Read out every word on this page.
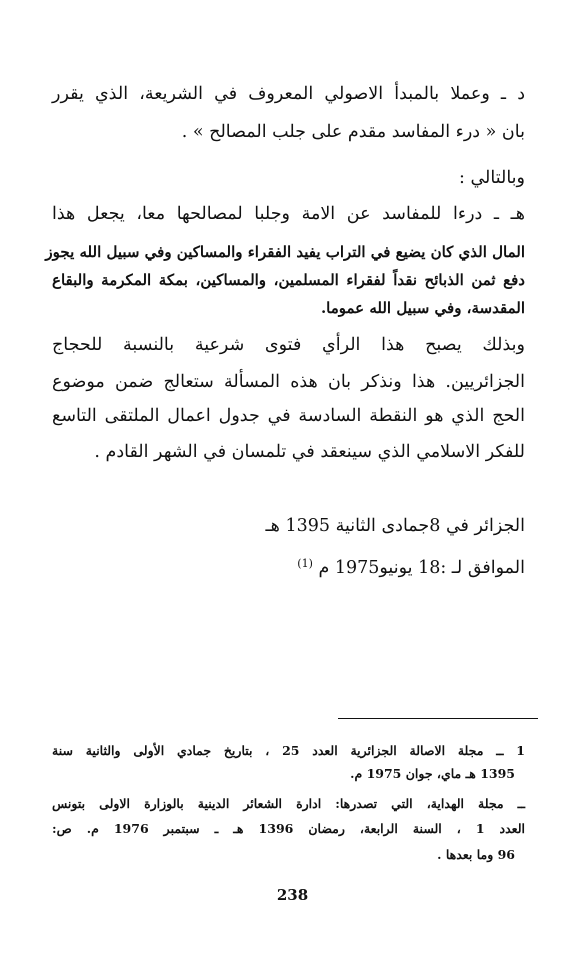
د ـ وعملا بالمبدأ الاصولي المعروف في الشريعة، الذي يقرر
بان « درء المفاسد مقدم على جلب المصالح » .
وبالتالي :
هـ ـ درءا للمفاسد عن الامة وجلبا لمصالحها معا، يجعل هذا
المال الذي كان يضيع في التراب يفيد الفقراء والمساكين وفي سبيل الله يجوز
دفع ثمن الذبائح نقداً لفقراء المسلمين، والمساكين، بمكة المكرمة والبقاع
المقدسة، وفي سبيل الله عموما.
وبذلك يصبح هذا الرأي فتوى شرعية بالنسبة للحجاج
الجزائريين. هذا ونذكر بان هذه المسألة ستعالج ضمن موضوع
الحج الذي هو النقطة السادسة في جدول اعمال الملتقى التاسع
للفكر الاسلامي الذي سينعقد في تلمسان في الشهر القادم .
الجزائر في 8جمادى الثانية 1395 هـ
الموافق لـ :18 يونيو1975 م $^{(1)}$
1 ــ مجلة الاصالة الجزائرية العدد 25 ، بتاريخ جمادي الأولى والثانية سنة
1395 هـ ماي، جوان 1975 م.
ــ مجلة الهداية، التي تصدرها: ادارة الشعائر الدينية بالوزارة الاولى بتونس
العدد 1 ، السنة الرابعة، رمضان 1396 هـ ـ سبتمبر 1976 م. ص:
96 وما بعدها .
238
